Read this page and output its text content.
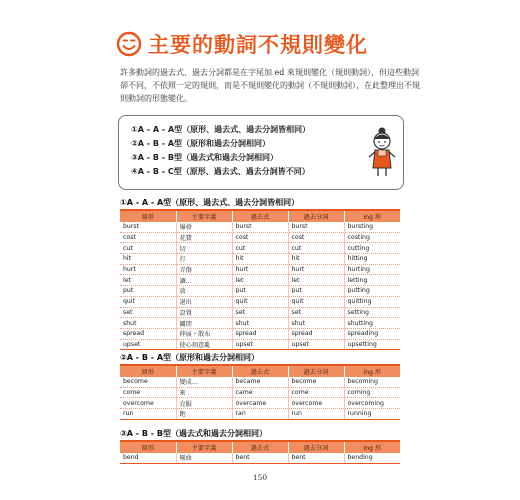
主要的動詞不規則變化

許多動詞的過去式、過去分詞都是在字尾加 ed 來規則變化（規則動詞），但這些動詞卻不同，不依照一定的規則，而是不規則變化的動詞（不規則動詞），在此整理出不規則動詞的形態變化。

①A - A - A型（原形、過去式、過去分詞皆相同）
②A - B - A型（原形和過去分詞相同）
③A - B - B型（過去式和過去分詞相同）
④A - B - C型（原形、過去式、過去分詞皆不同）
①A - A - A型（原形、過去式、過去分詞皆相同）
原形	主要字義	過去式	過去分詞	ing 形
burst	爆發	burst	burst	bursting
cost	花費	cost	cost	costing
cut	切	cut	cut	cutting
hit	打	hit	hit	hitting
hurt	弄傷	hurt	hurt	hurting
let	讓…	let	let	letting
put	放	put	put	putting
quit	退出	quit	quit	quitting
set	設置	set	set	setting
shut	關閉	shut	shut	shutting
spread	伸展・散布	spread	spread	spreading
upset	使心煩意亂	upset	upset	upsetting
②A - B - A型（原形和過去分詞相同）
原形	主要字義	過去式	過去分詞	ing 形
become	變成…	became	become	becoming
come	來	came	come	coming
overcome	克服	overcame	overcome	overcoming
run	跑	ran	run	running
③A - B - B型（過去式和過去分詞相同）
原形	主要字義	過去式	過去分詞	ing 形
bend	彎曲	bent	bent	bending
150
